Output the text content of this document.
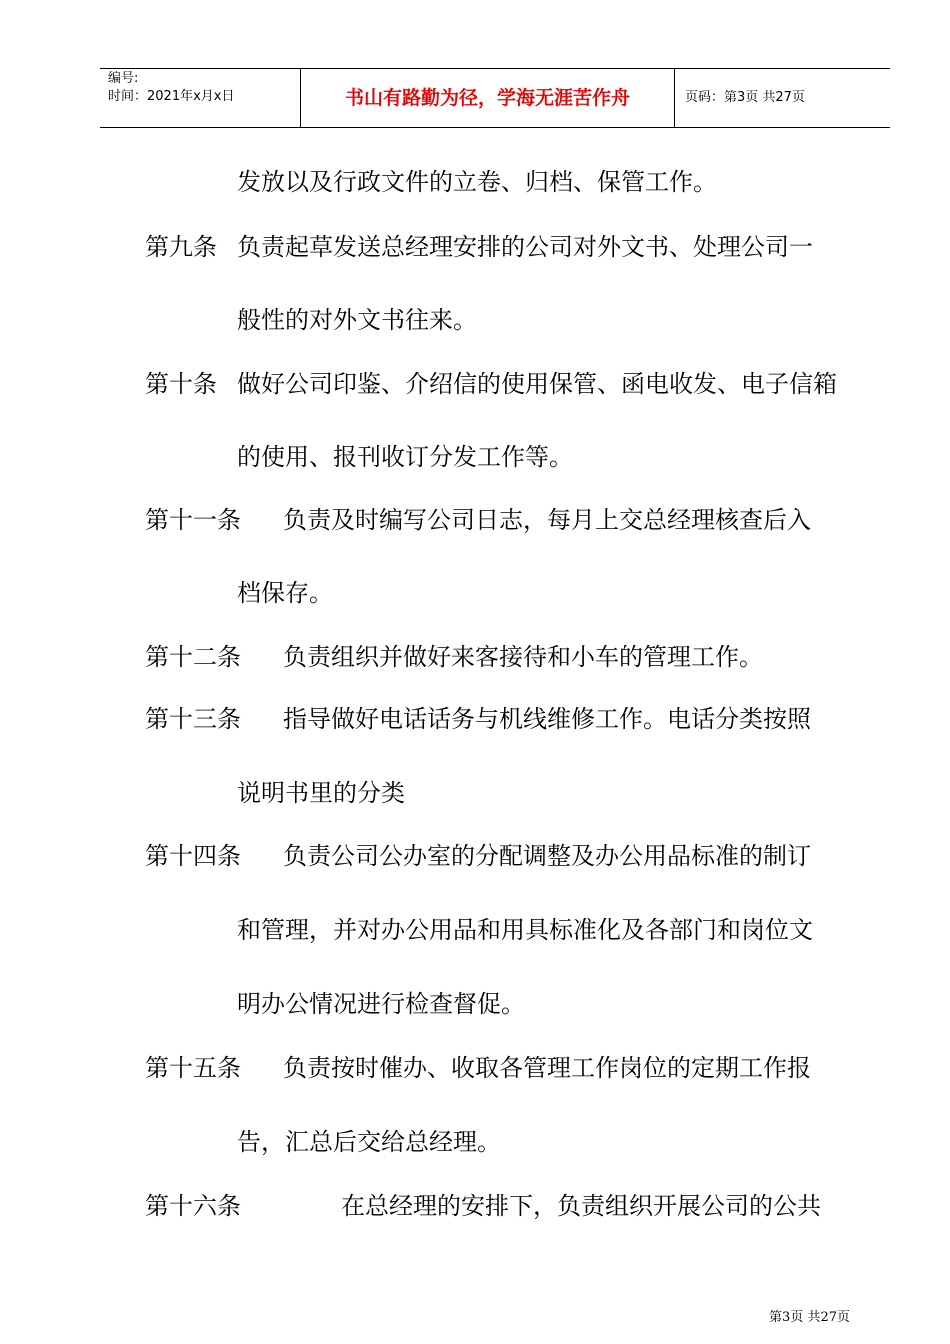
编号:
时间：2021年x月x日	书山有路勤为径，学海无涯苦作舟	页码：第3页 共27页
发放以及行政文件的立卷、归档、保管工作。
第九条 负责起草发送总经理安排的公司对外文书、处理公司一
般性的对外文书往来。
第十条 做好公司印鉴、介绍信的使用保管、函电收发、电子信箱
的使用、报刊收订分发工作等。
第十一条 负责及时编写公司日志，每月上交总经理核查后入
档保存。
第十二条 负责组织并做好来客接待和小车的管理工作。
第十三条 指导做好电话话务与机线维修工作。电话分类按照
说明书里的分类
第十四条 负责公司公办室的分配调整及办公用品标准的制订
和管理，并对办公用品和用具标准化及各部门和岗位文
明办公情况进行检查督促。
第十五条 负责按时催办、收取各管理工作岗位的定期工作报
告，汇总后交给总经理。
第十六条	在总经理的安排下，负责组织开展公司的公共
第3页 共27页
